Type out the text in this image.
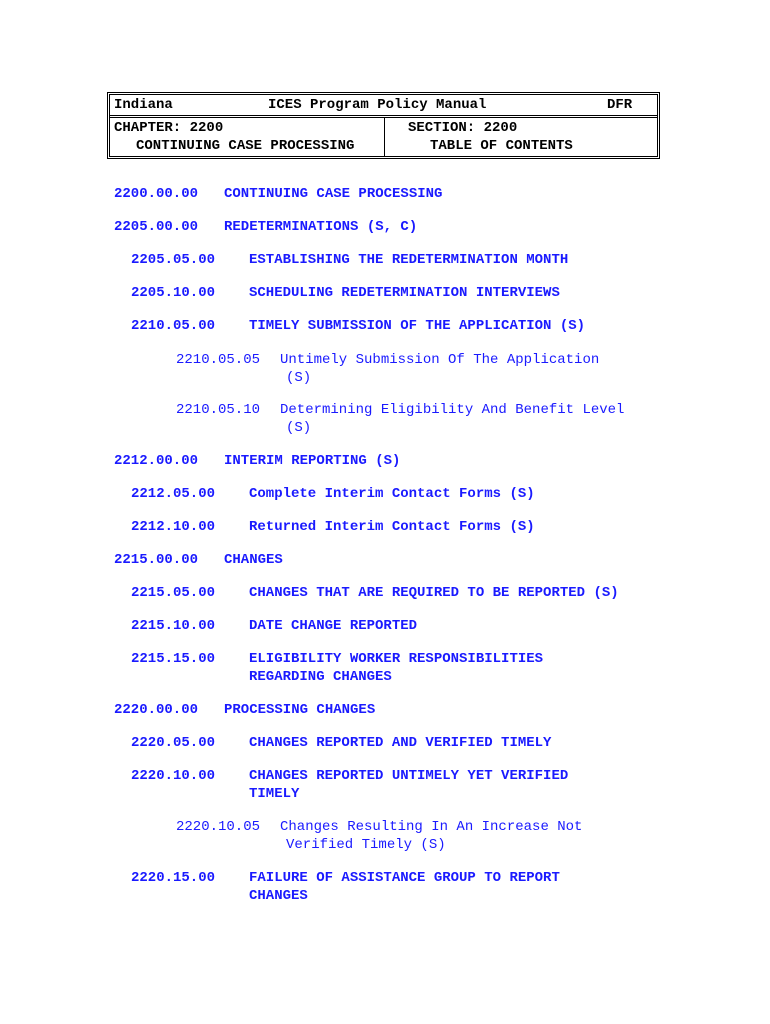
Indiana	ICES Program Policy Manual	DFR
CHAPTER: 2200
CONTINUING CASE PROCESSING
SECTION: 2200
TABLE OF CONTENTS
2200.00.00 CONTINUING CASE PROCESSING
2205.00.00 REDETERMINATIONS (S, C)
2205.05.00 ESTABLISHING THE REDETERMINATION MONTH
2205.10.00 SCHEDULING REDETERMINATION INTERVIEWS
2210.05.00 TIMELY SUBMISSION OF THE APPLICATION (S)
2210.05.05 Untimely Submission Of The Application
(S)
2210.05.10 Determining Eligibility And Benefit Level
(S)
2212.00.00 INTERIM REPORTING (S)
2212.05.00 Complete Interim Contact Forms (S)
2212.10.00 Returned Interim Contact Forms (S)
2215.00.00 CHANGES
2215.05.00 CHANGES THAT ARE REQUIRED TO BE REPORTED (S)
2215.10.00 DATE CHANGE REPORTED
2215.15.00 ELIGIBILITY WORKER RESPONSIBILITIES
REGARDING CHANGES
2220.00.00 PROCESSING CHANGES
2220.05.00 CHANGES REPORTED AND VERIFIED TIMELY
2220.10.00 CHANGES REPORTED UNTIMELY YET VERIFIED
TIMELY
2220.10.05 Changes Resulting In An Increase Not
Verified Timely (S)
2220.15.00 FAILURE OF ASSISTANCE GROUP TO REPORT
CHANGES
